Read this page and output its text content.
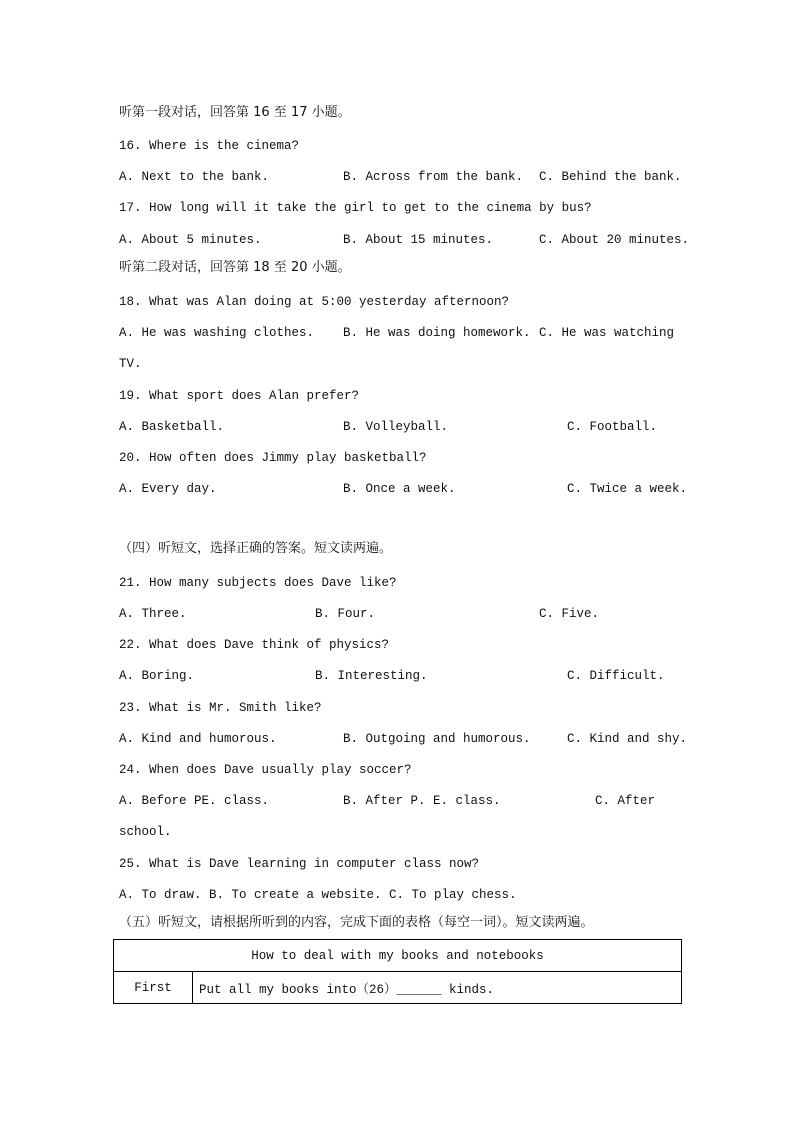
听第一段对话，回答第 16 至 17 小题。
16. Where is the cinema?
A. Next to the bank.	B. Across from the bank. C. Behind the bank.
17. How long will it take the girl to get to the cinema by bus?
A. About 5 minutes.	B. About 15 minutes.	C. About 20 minutes.
听第二段对话，回答第 18 至 20 小题。
18. What was Alan doing at 5:00 yesterday afternoon?
A. He was washing clothes. B. He was doing homework. C. He was watching
TV.
19. What sport does Alan prefer?
A. Basketball.	B. Volleyball.	C. Football.
20. How often does Jimmy play basketball?
A. Every day.	B. Once a week.	C. Twice a week.
（四）听短文，选择正确的答案。短文读两遍。
21. How many subjects does Dave like?
A. Three.	B. Four.	C. Five.
22. What does Dave think of physics?
A. Boring.	B. Interesting.	C. Difficult.
23. What is Mr. Smith like?
A. Kind and humorous.	B. Outgoing and humorous.	C. Kind and shy.
24. When does Dave usually play soccer?
A. Before PE. class.	B. After P. E. class.	C. After
school.
25. What is Dave learning in computer class now?
A. To draw. B. To create a website. C. To play chess.
（五）听短文，请根据所听到的内容，完成下面的表格（每空一词）。短文读两遍。
How to deal with my books and notebooks
First	Put all my books into（26）______ kinds.
